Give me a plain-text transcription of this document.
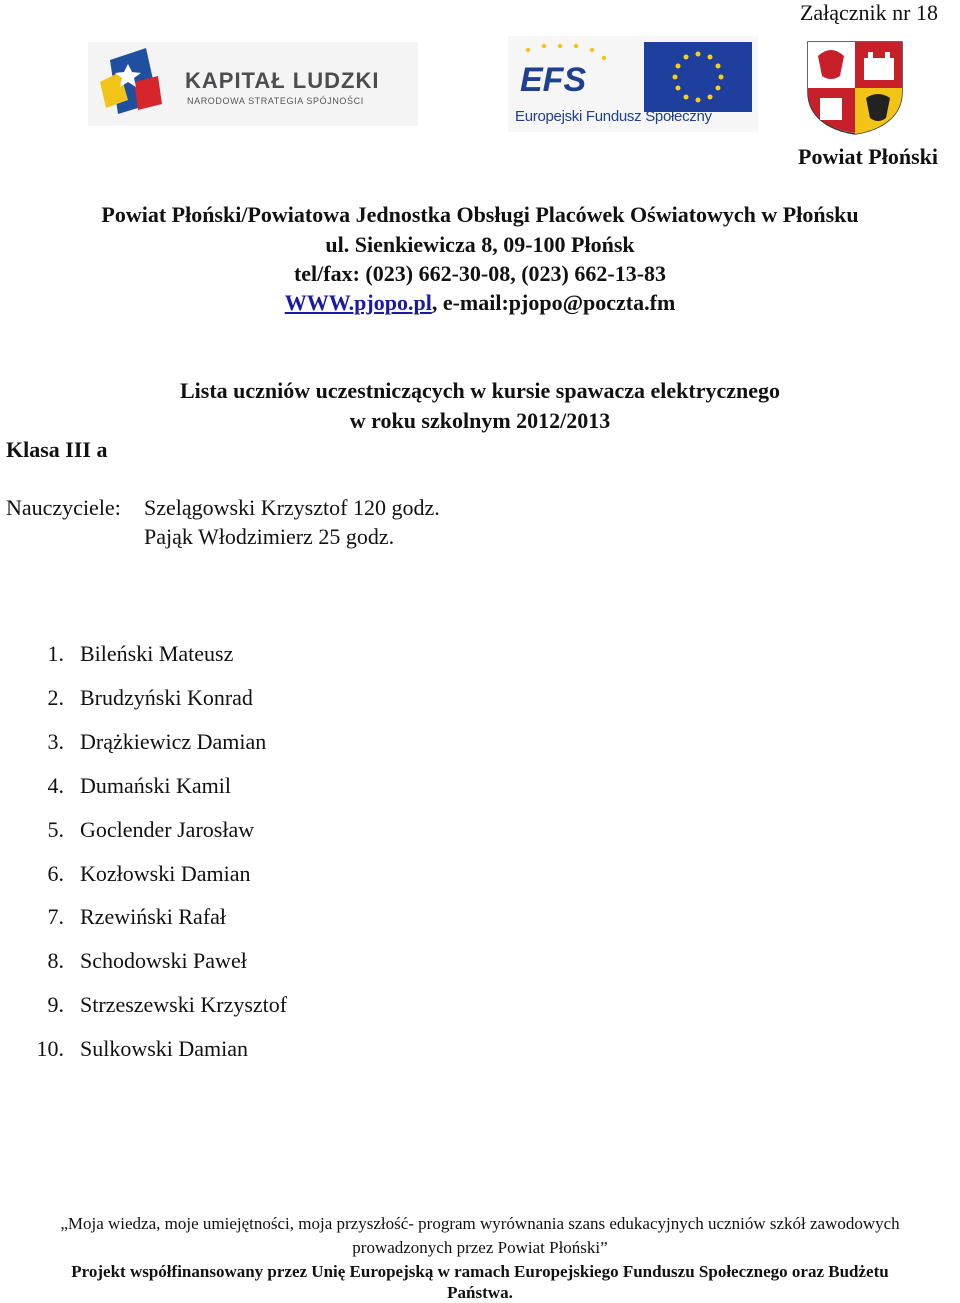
Załącznik nr 18
KAPITAŁ LUDZKI
NARODOWA STRATEGIA SPÓJNOŚCI
EFS
Europejski Fundusz Społeczny
Powiat Płoński
Powiat Płoński/Powiatowa Jednostka Obsługi Placówek Oświatowych w Płońsku
ul. Sienkiewicza 8, 09-100 Płońsk
tel/fax: (023) 662-30-08, (023) 662-13-83
WWW.pjopo.pl, e-mail:pjopo@poczta.fm
Lista uczniów uczestniczących w kursie spawacza elektrycznego
w roku szkolnym 2012/2013
Klasa III a
Nauczyciele: Szelągowski Krzysztof 120 godz.
Pająk Włodzimierz 25 godz.
1. Bileński Mateusz
2. Brudzyński Konrad
3. Drążkiewicz Damian
4. Dumański Kamil
5. Goclender Jarosław
6. Kozłowski Damian
7. Rzewiński Rafał
8. Schodowski Paweł
9. Strzeszewski Krzysztof
10. Sulkowski Damian
„Moja wiedza, moje umiejętności, moja przyszłość- program wyrównania szans edukacyjnych uczniów szkół zawodowych
prowadzonych przez Powiat Płoński”
Projekt współfinansowany przez Unię Europejską w ramach Europejskiego Funduszu Społecznego oraz Budżetu
Państwa.
